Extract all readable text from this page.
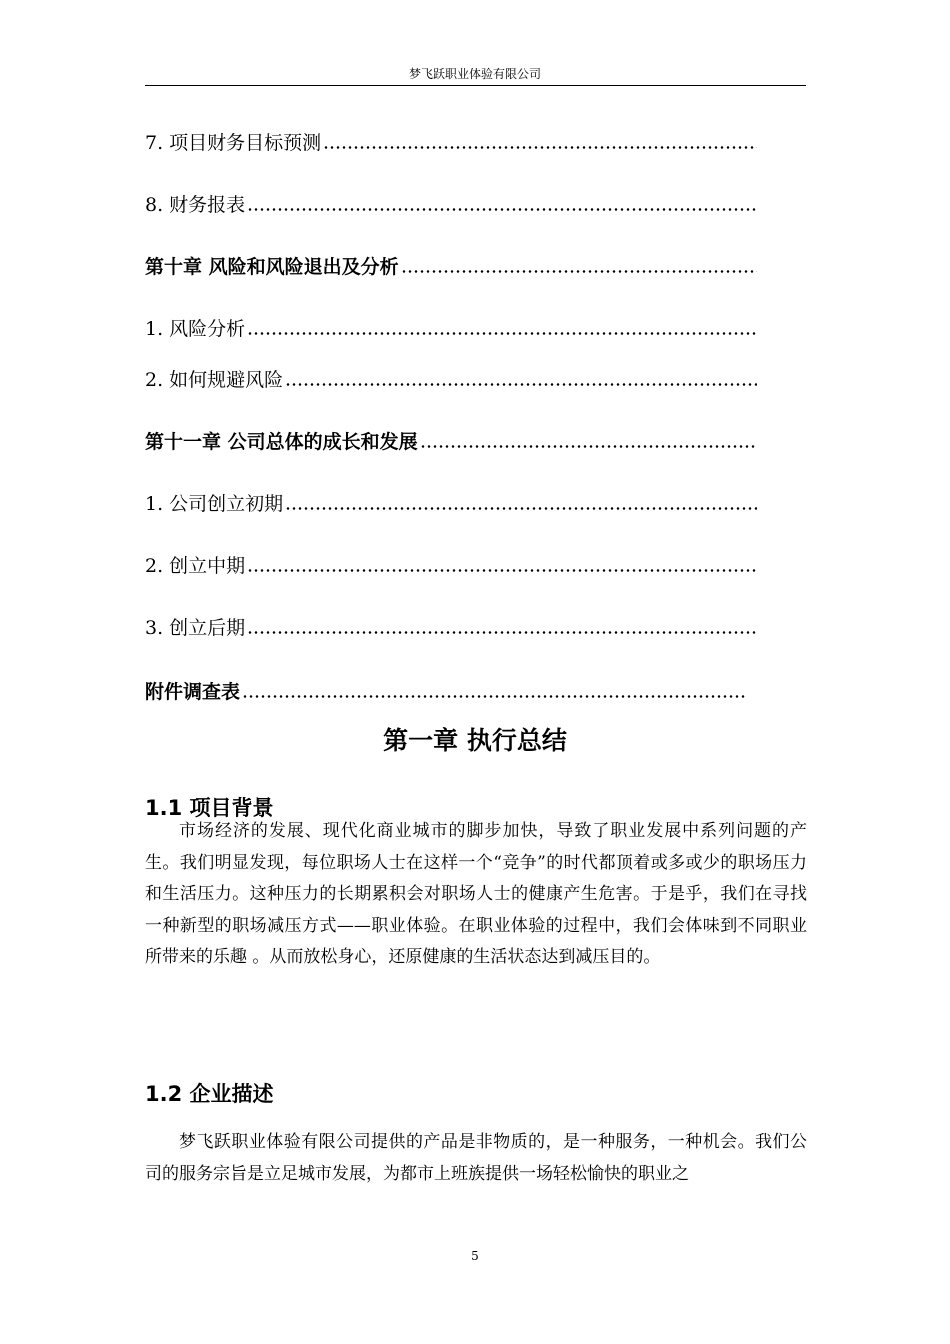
梦飞跃职业体验有限公司
7. 项目财务目标预测
8. 财务报表
第十章 风险和风险退出及分析
1. 风险分析
2. 如何规避风险
第十一章 公司总体的成长和发展
1. 公司创立初期
2. 创立中期
3. 创立后期
附件调查表
第一章 执行总结
1.1 项目背景

市场经济的发展、现代化商业城市的脚步加快，导致了职业发展中系列问题的产生。我们明显发现，每位职场人士在这样一个“竞争”的时代都顶着或多或少的职场压力和生活压力。这种压力的长期累积会对职场人士的健康产生危害。于是乎，我们在寻找一种新型的职场减压方式——职业体验。在职业体验的过程中，我们会体味到不同职业所带来的乐趣 。从而放松身心，还原健康的生活状态达到减压目的。

1.2 企业描述

梦飞跃职业体验有限公司提供的产品是非物质的，是一种服务，一种机会。我们公司的服务宗旨是立足城市发展，为都市上班族提供一场轻松愉快的职业之

5
